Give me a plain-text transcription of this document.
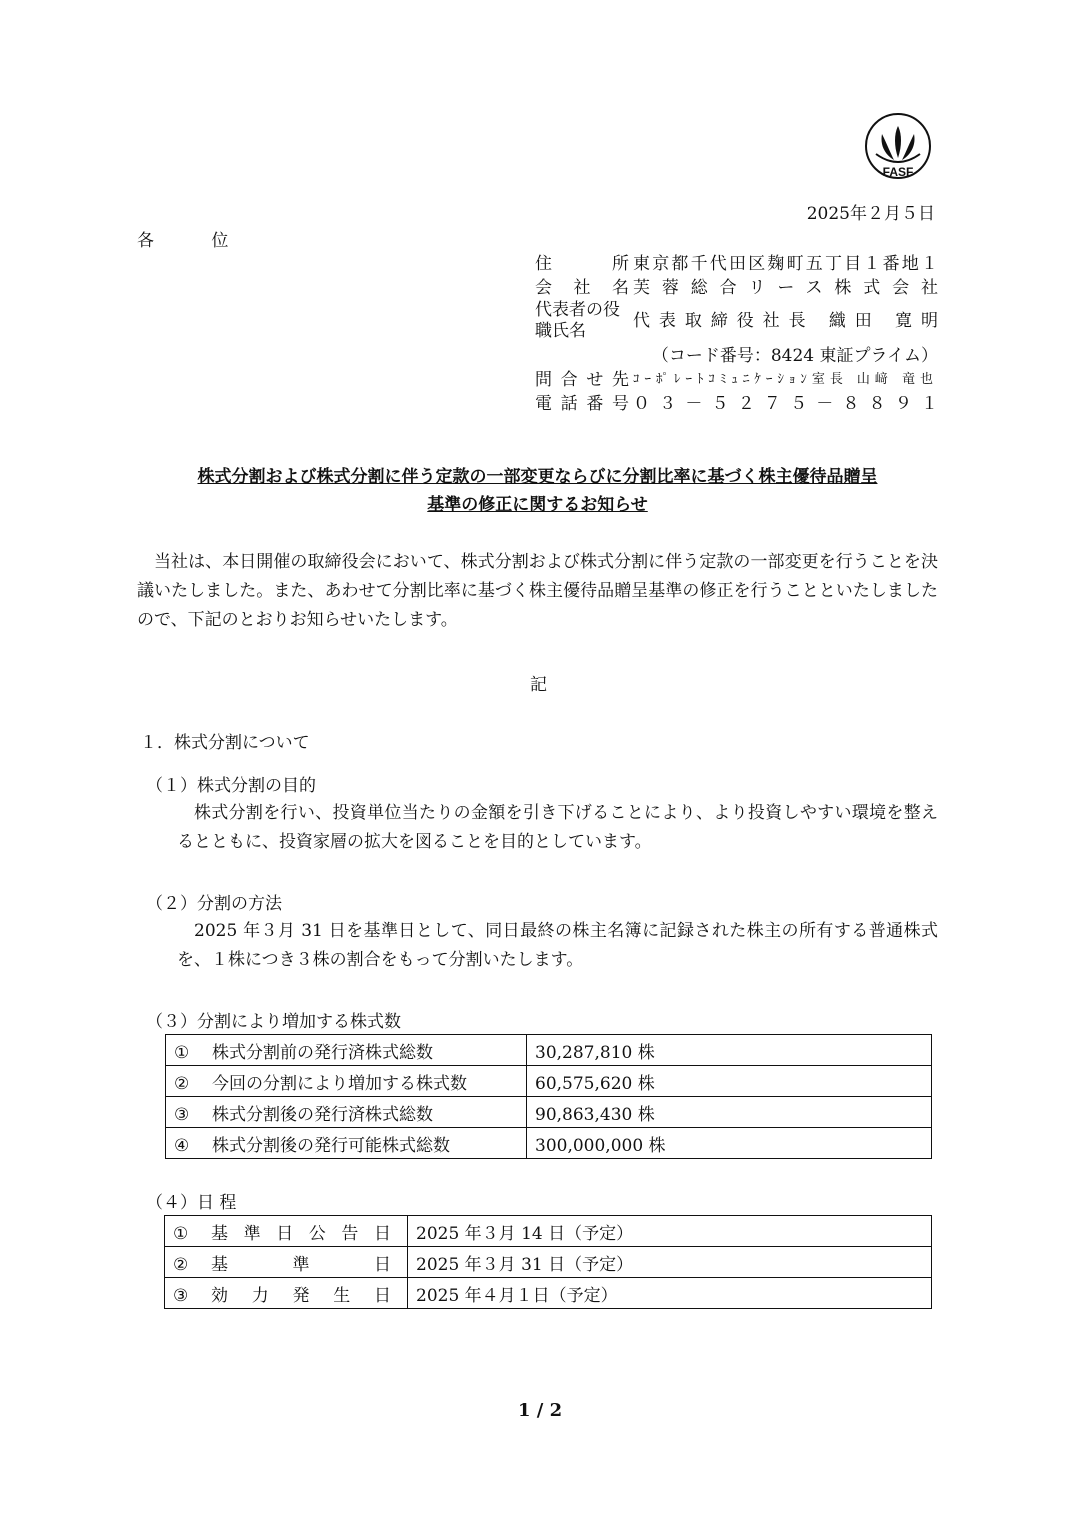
FASF
2025年２月５日
各 位
住 所 東京都千代田区麹町五丁目１番地１
会社名 芙蓉総合リース株式会社
代表者の役職氏名	代表取締役社長 織田 寛明
（コード番号：8424 東証プライム）
問合せ先 ｺｰﾎﾟﾚｰﾄｺﾐｭﾆｹｰｼｮﾝ室長 山﨑 竜也
電話番号 ０３－５２７５－８８９１
株式分割および株式分割に伴う定款の一部変更ならびに分割比率に基づく株主優待品贈呈
基準の修正に関するお知らせ
当社は、本日開催の取締役会において、株式分割および株式分割に伴う定款の一部変更を行うことを決議いたしました。また、あわせて分割比率に基づく株主優待品贈呈基準の修正を行うことといたしましたので、下記のとおりお知らせいたします。
記
１．株式分割について
（１）株式分割の目的
株式分割を行い、投資単位当たりの金額を引き下げることにより、より投資しやすい環境を整えるとともに、投資家層の拡大を図ることを目的としています。
（２）分割の方法
2025 年３月 31 日を基準日として、同日最終の株主名簿に記録された株主の所有する普通株式を、１株につき３株の割合をもって分割いたします。
（３）分割により増加する株式数
① 株式分割前の発行済株式総数	30,287,810 株
② 今回の分割により増加する株式数	60,575,620 株
③ 株式分割後の発行済株式総数	90,863,430 株
④ 株式分割後の発行可能株式総数	300,000,000 株
（４）日 程
① 基準日公告日	2025 年３月 14 日（予定）
② 基準日	2025 年３月 31 日（予定）
③ 効力発生日	2025 年４月１日（予定）
1 / 2
